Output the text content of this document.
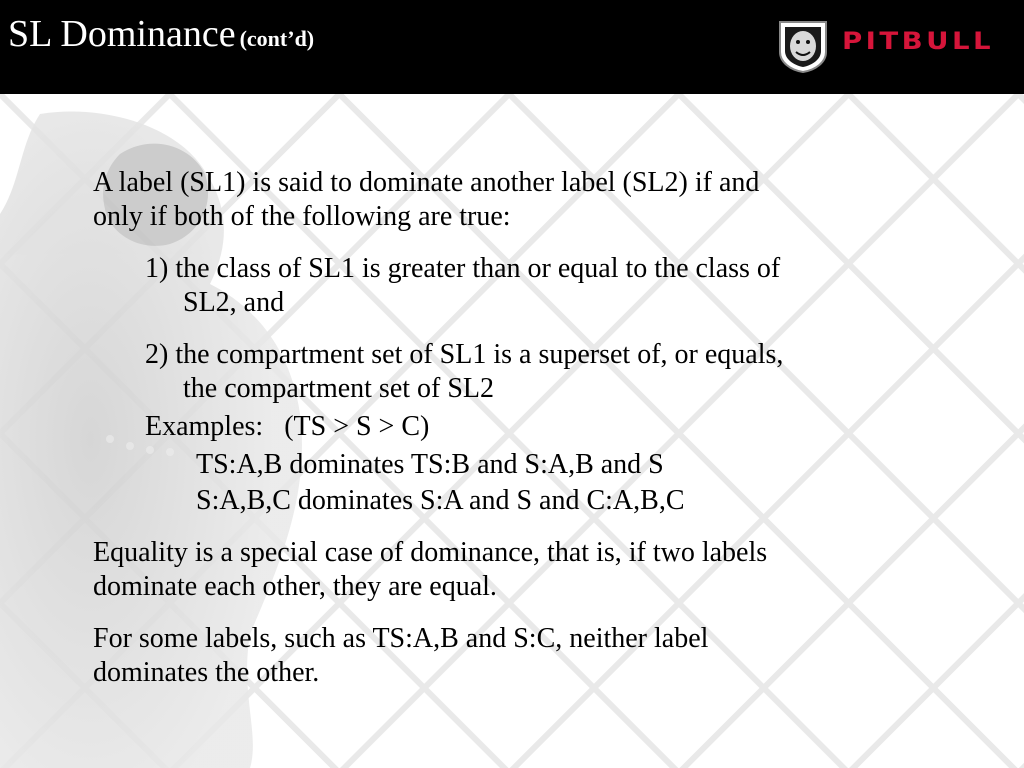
SL Dominance (cont’d)	PITBULL
A label (SL1) is said to dominate another label (SL2) if and
only if both of the following are true:
1) the class of SL1 is greater than or equal to the class of
SL2, and
2) the compartment set of SL1 is a superset of, or equals,
the compartment set of SL2
Examples:   (TS > S > C)
TS:A,B dominates TS:B and S:A,B and S
S:A,B,C dominates S:A and S and C:A,B,C
Equality is a special case of dominance, that is, if two labels
dominate each other, they are equal.
For some labels, such as TS:A,B and S:C, neither label
dominates the other.
